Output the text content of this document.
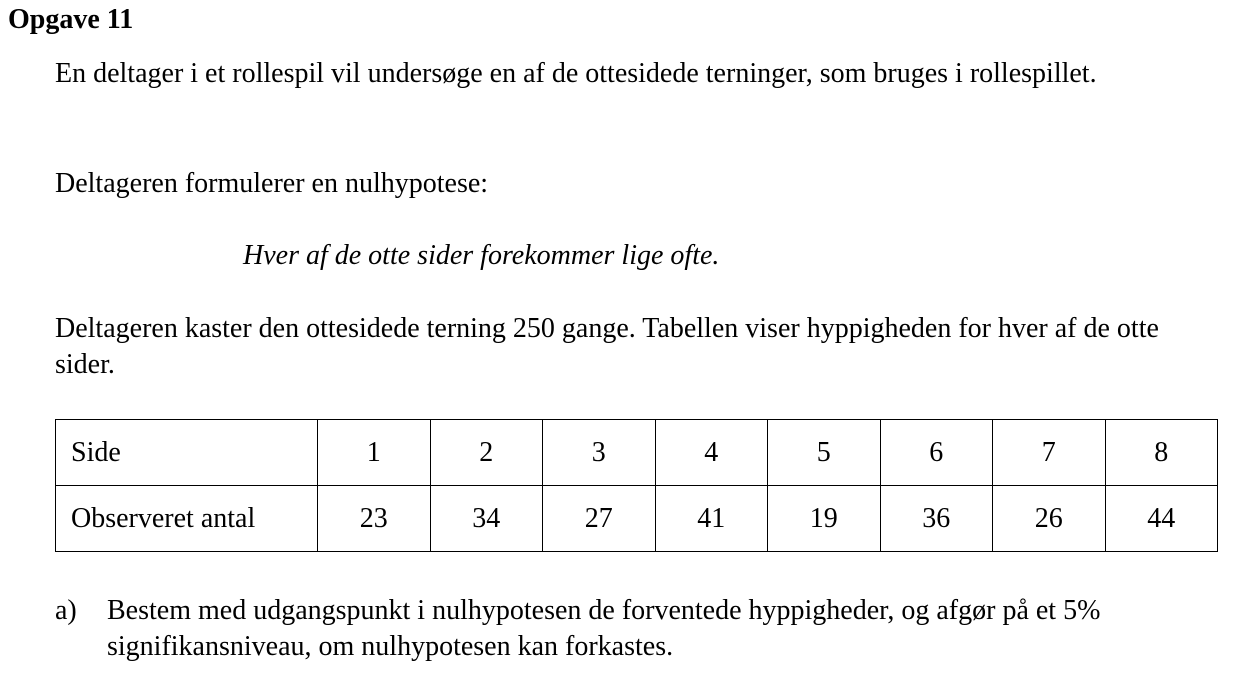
Opgave 11

En deltager i et rollespil vil undersøge en af de ottesidede terninger, som bruges i rollespillet.

Deltageren formulerer en nulhypotese:

Hver af de otte sider forekommer lige ofte.

Deltageren kaster den ottesidede terning 250 gange. Tabellen viser hyppigheden for hver af de otte sider.

Side	1	2	3	4	5	6	7	8
Observeret antal	23	34	27	41	19	36	26	44
a)	Bestem med udgangspunkt i nulhypotesen de forventede hyppigheder, og afgør på et 5% signifikansniveau, om nulhypotesen kan forkastes.
